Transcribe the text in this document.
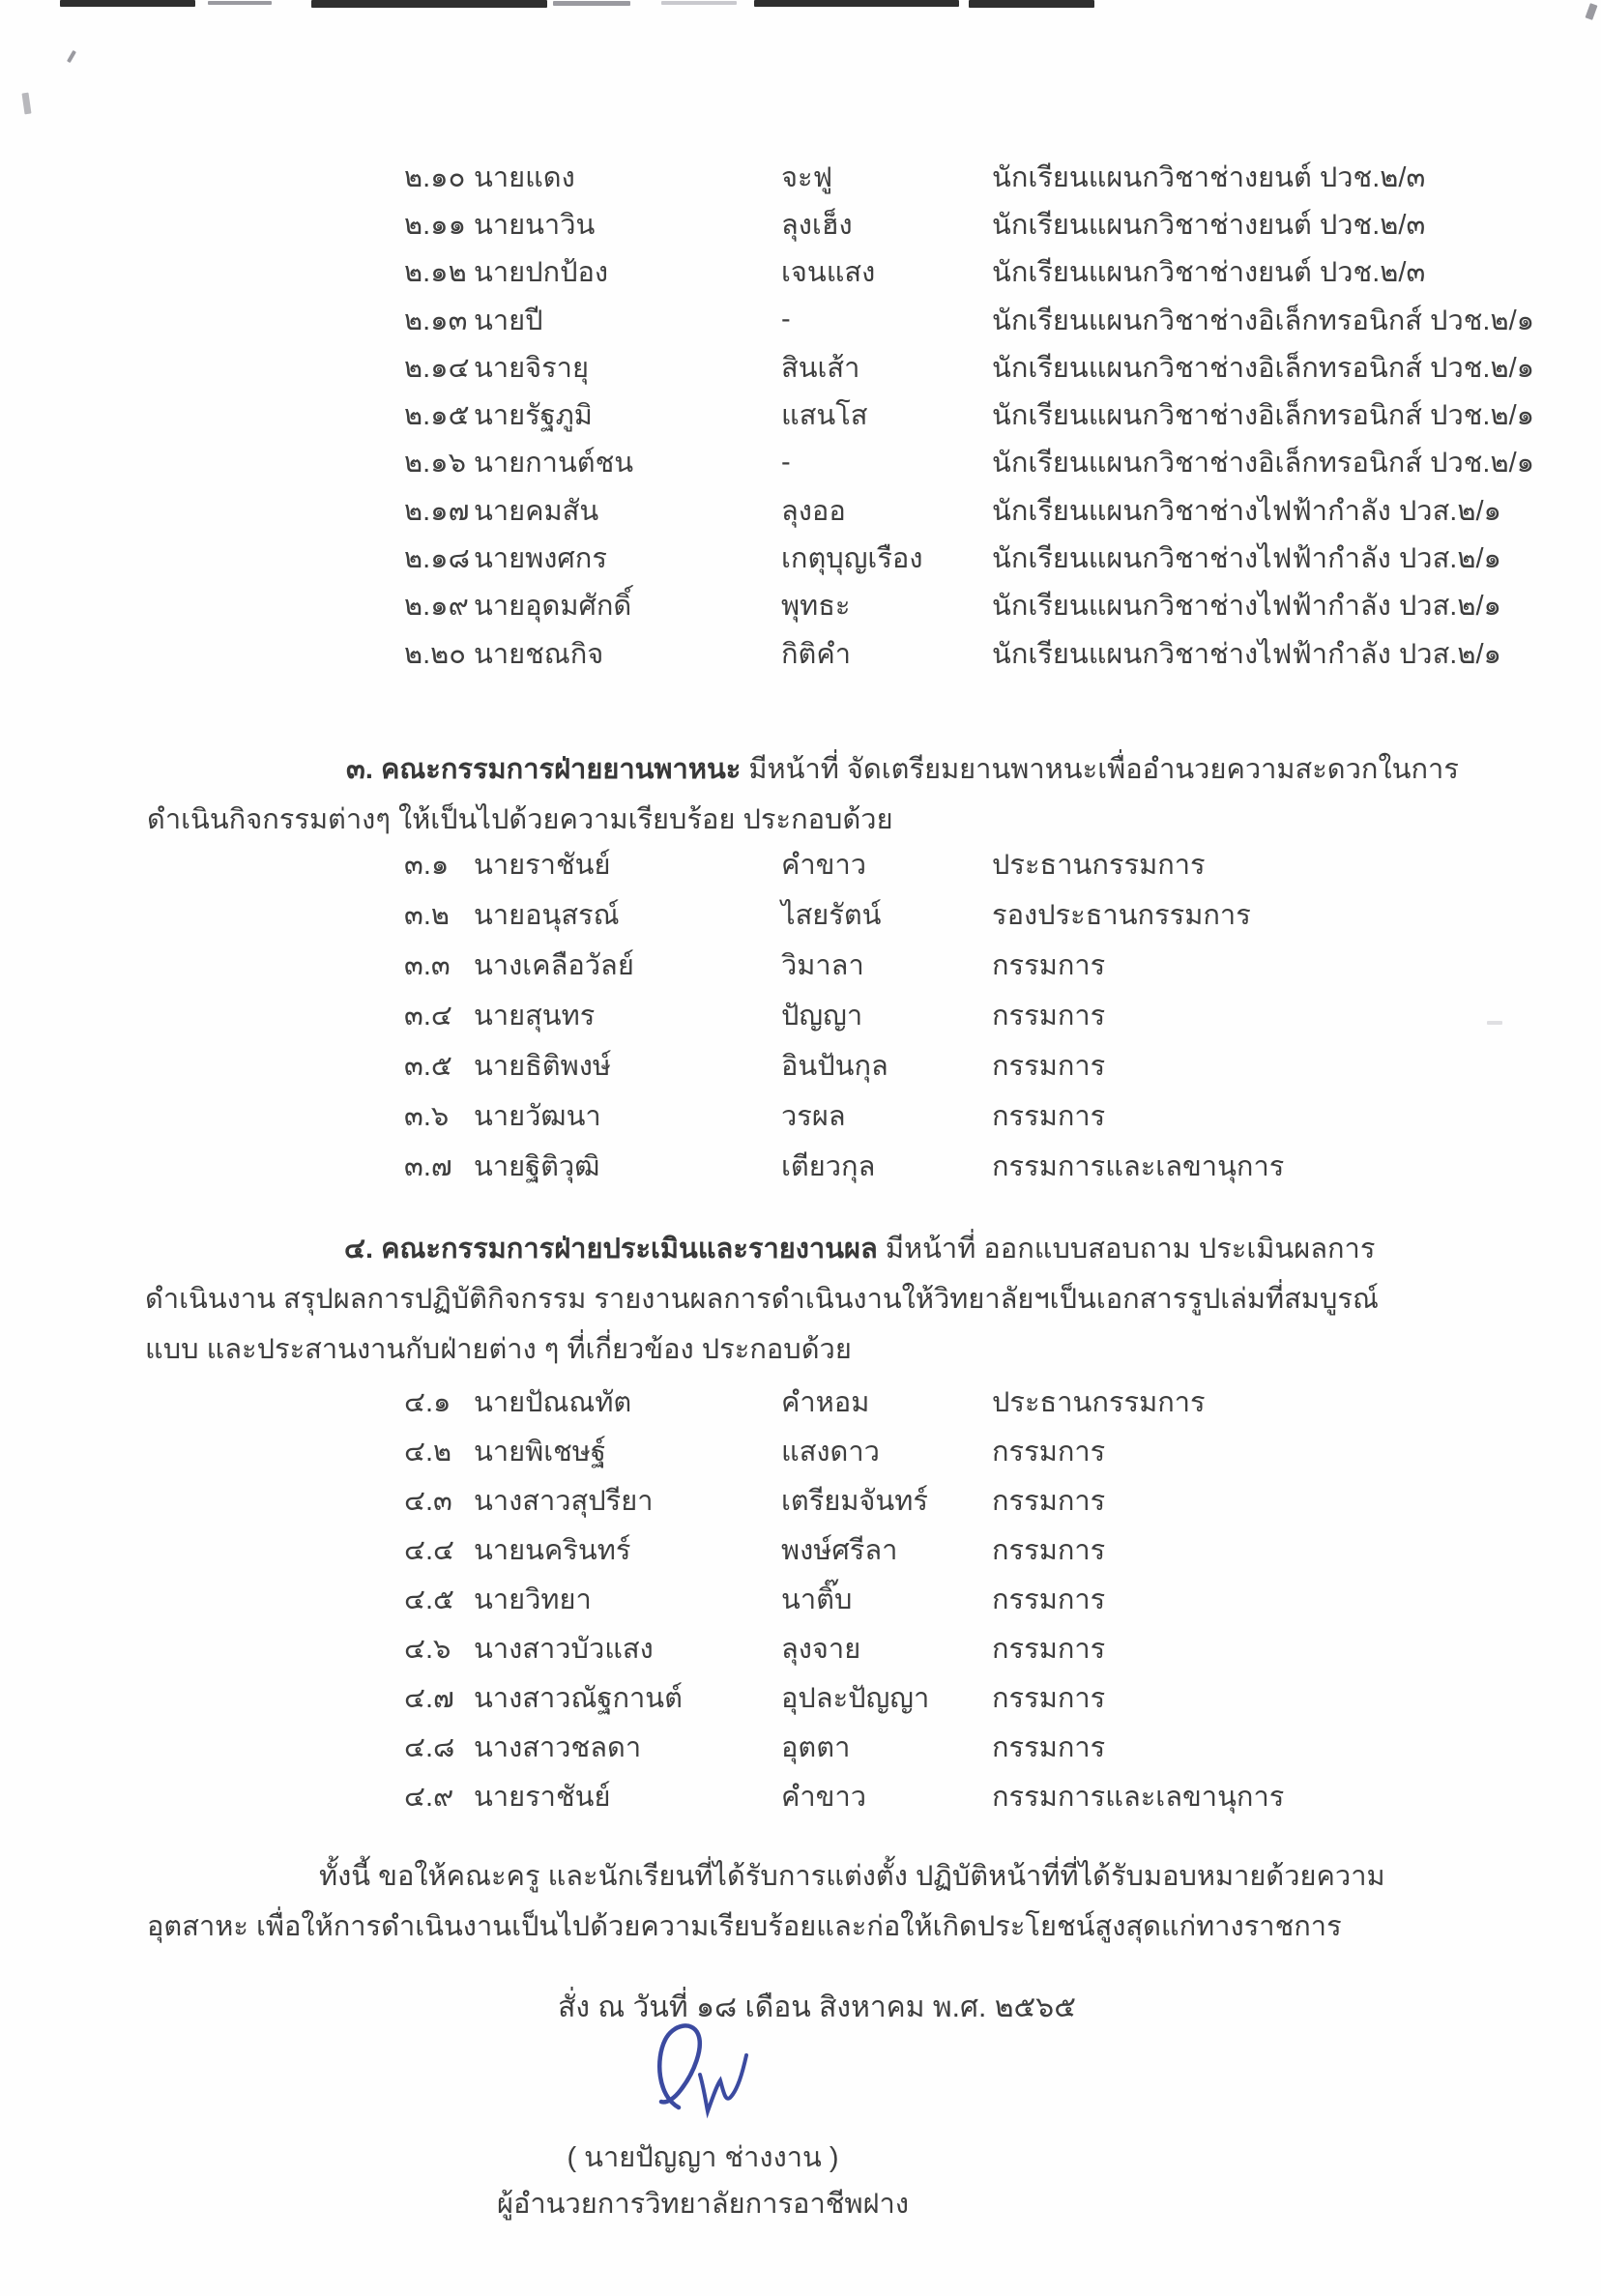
๒.๑๐ นายแดง	จะฟู	นักเรียนแผนกวิชาช่างยนต์ ปวช.๒/๓
๒.๑๑ นายนาวิน	ลุงเฮ็ง	นักเรียนแผนกวิชาช่างยนต์ ปวช.๒/๓
๒.๑๒ นายปกป้อง	เจนแสง	นักเรียนแผนกวิชาช่างยนต์ ปวช.๒/๓
๒.๑๓ นายปี	-	นักเรียนแผนกวิชาช่างอิเล็กทรอนิกส์ ปวช.๒/๑
๒.๑๔ นายจิรายุ	สินเส้า	นักเรียนแผนกวิชาช่างอิเล็กทรอนิกส์ ปวช.๒/๑
๒.๑๕ นายรัฐภูมิ	แสนโส	นักเรียนแผนกวิชาช่างอิเล็กทรอนิกส์ ปวช.๒/๑
๒.๑๖ นายกานต์ชน	-	นักเรียนแผนกวิชาช่างอิเล็กทรอนิกส์ ปวช.๒/๑
๒.๑๗ นายคมสัน	ลุงออ	นักเรียนแผนกวิชาช่างไฟฟ้ากำลัง ปวส.๒/๑
๒.๑๘ นายพงศกร	เกตุบุญเรือง	นักเรียนแผนกวิชาช่างไฟฟ้ากำลัง ปวส.๒/๑
๒.๑๙ นายอุดมศักดิ์	พุทธะ	นักเรียนแผนกวิชาช่างไฟฟ้ากำลัง ปวส.๒/๑
๒.๒๐ นายชณกิจ	กิติคำ	นักเรียนแผนกวิชาช่างไฟฟ้ากำลัง ปวส.๒/๑
๓. คณะกรรมการฝ่ายยานพาหนะ มีหน้าที่ จัดเตรียมยานพาหนะเพื่ออำนวยความสะดวกในการ
ดำเนินกิจกรรมต่างๆ ให้เป็นไปด้วยความเรียบร้อย ประกอบด้วย
๓.๑ นายราชันย์	คำขาว	ประธานกรรมการ
๓.๒ นายอนุสรณ์	ไสยรัตน์	รองประธานกรรมการ
๓.๓ นางเคลือวัลย์	วิมาลา	กรรมการ
๓.๔ นายสุนทร	ปัญญา	กรรมการ
๓.๕ นายธิติพงษ์	อินปันกุล	กรรมการ
๓.๖ นายวัฒนา	วรผล	กรรมการ
๓.๗ นายฐิติวุฒิ	เตียวกุล	กรรมการและเลขานุการ
๔. คณะกรรมการฝ่ายประเมินและรายงานผล มีหน้าที่ ออกแบบสอบถาม ประเมินผลการ
ดำเนินงาน สรุปผลการปฏิบัติกิจกรรม รายงานผลการดำเนินงานให้วิทยาลัยฯเป็นเอกสารรูปเล่มที่สมบูรณ์
แบบ และประสานงานกับฝ่ายต่าง ๆ ที่เกี่ยวข้อง ประกอบด้วย
๔.๑ นายปัณณทัต	คำหอม	ประธานกรรมการ
๔.๒ นายพิเชษฐ์	แสงดาว	กรรมการ
๔.๓ นางสาวสุปรียา	เตรียมจันทร์	กรรมการ
๔.๔ นายนครินทร์	พงษ์ศรีลา	กรรมการ
๔.๕ นายวิทยา	นาติ๊บ	กรรมการ
๔.๖ นางสาวบัวแสง	ลุงจาย	กรรมการ
๔.๗ นางสาวณัฐกานต์	อุปละปัญญา	กรรมการ
๔.๘ นางสาวชลดา	อุตตา	กรรมการ
๔.๙ นายราชันย์	คำขาว	กรรมการและเลขานุการ
ทั้งนี้ ขอให้คณะครู และนักเรียนที่ได้รับการแต่งตั้ง ปฏิบัติหน้าที่ที่ได้รับมอบหมายด้วยความ
อุตสาหะ เพื่อให้การดำเนินงานเป็นไปด้วยความเรียบร้อยและก่อให้เกิดประโยชน์สูงสุดแก่ทางราชการ
สั่ง ณ วันที่ ๑๘ เดือน สิงหาคม พ.ศ. ๒๕๖๕
( นายปัญญา ช่างงาน )
ผู้อำนวยการวิทยาลัยการอาชีพฝาง
